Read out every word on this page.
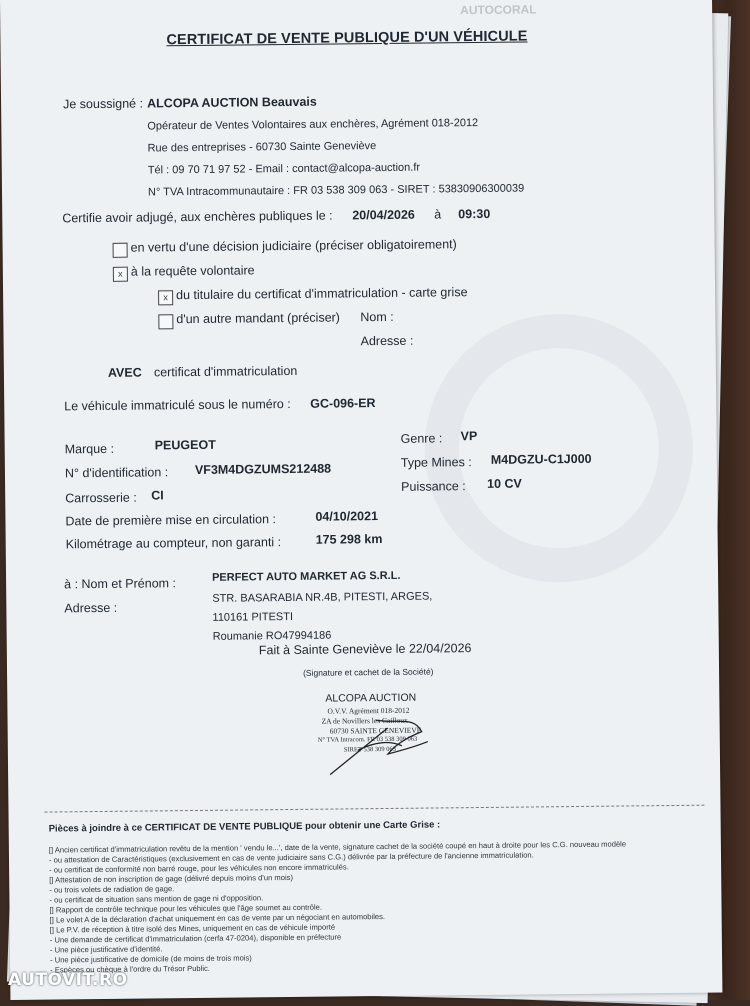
AUTOCORAL
CERTIFICAT DE VENTE PUBLIQUE D'UN VÉHICULE
Je soussigné : ALCOPA AUCTION Beauvais
Opérateur de Ventes Volontaires aux enchères, Agrément 018-2012
Rue des entreprises - 60730 Sainte Geneviève
Tél : 09 70 71 97 52 - Email : contact@alcopa-auction.fr
N° TVA Intracommunautaire : FR 03 538 309 063 - SIRET : 53830906300039
Certifie avoir adjugé, aux enchères publiques le : 20/04/2026 à 09:30
en vertu d'une décision judiciaire (préciser obligatoirement)
x à la requête volontaire
x du titulaire du certificat d'immatriculation - carte grise
d'un autre mandant (préciser) Nom :
Adresse :
AVEC certificat d'immatriculation
Le véhicule immatriculé sous le numéro : GC-096-ER
Marque :	PEUGEOT	Genre : VP
N° d'identification : VF3M4DGZUMS212488	Type Mines : M4DGZU-C1J000
Carrosserie : CI
Puissance : 10 CV
Date de première mise en circulation :	04/10/2021
Kilométrage au compteur, non garanti :	175 298 km
à : Nom et Prénom :	PERFECT AUTO MARKET AG S.R.L.
Adresse :
STR. BASARABIA NR.4B, PITESTI, ARGES,
110161 PITESTI
Roumanie RO47994186
Fait à Sainte Geneviève le 22/04/2026
(Signature et cachet de la Société)
ALCOPA AUCTION
O.V.V. Agrément 018-2012
ZA de Novillers les Cailloux
60730 SAINTE GENEVIEVE
N° TVA Intracom. FR 03 538 309 063
SIRET 538 309 063
Pièces à joindre à ce CERTIFICAT DE VENTE PUBLIQUE pour obtenir une Carte Grise :
[] Ancien certificat d'immatriculation revêtu de la mention ' vendu le...', date de la vente, signature cachet de la société coupé en haut à droite pour les C.G. nouveau modèle
- ou attestation de Caractéristiques (exclusivement en cas de vente judiciaire sans C.G.) délivrée par la préfecture de l'ancienne immatriculation.
- ou certificat de conformité non barré rouge, pour les véhicules non encore immatriculés.
[] Attestation de non inscription de gage (délivré depuis moins d'un mois)
- ou trois volets de radiation de gage.
- ou certificat de situation sans mention de gage ni d'opposition.
[] Rapport de contrôle technique pour les véhicules que l'âge soumet au contrôle.
[] Le volet A de la déclaration d'achat uniquement en cas de vente par un négociant en automobiles.
[] Le P.V. de réception à titre isolé des Mines, uniquement en cas de véhicule importé
- Une demande de certificat d'immatriculation (cerfa 47-0204), disponible en préfecture
- Une pièce justificative d'identité.
- Une pièce justificative de domicile (de moins de trois mois)
- Espèces ou chèque à l'ordre du Trésor Public.
AUTOVIT.RO
